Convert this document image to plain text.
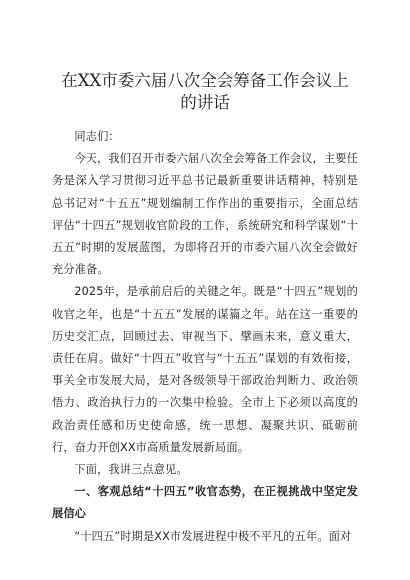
在XX市委六届八次全会筹备工作会议上的讲话

同志们：

今天，我们召开市委六届八次全会筹备工作会议，主要任务是深入学习贯彻习近平总书记最新重要讲话精神，特别是总书记对“十五五”规划编制工作作出的重要指示，全面总结评估“十四五”规划收官阶段的工作，系统研究和科学谋划“十五五”时期的发展蓝图，为即将召开的市委六届八次全会做好充分准备。

2025年，是承前启后的关键之年。既是“十四五”规划的收官之年，也是“十五五”发展的谋篇之年。站在这一重要的历史交汇点，回顾过去、审视当下、擘画未来，意义重大，责任在肩。做好“十四五”收官与“十五五”谋划的有效衔接，事关全市发展大局，是对各级领导干部政治判断力、政治领悟力、政治执行力的一次集中检验。全市上下必须以高度的政治责任感和历史使命感，统一思想、凝聚共识、砥砺前行，奋力开创XX市高质量发展新局面。

下面，我讲三点意见。

一、客观总结“十四五”收官态势，在正视挑战中坚定发展信心

“十四五”时期是XX市发展进程中极不平凡的五年。面对
